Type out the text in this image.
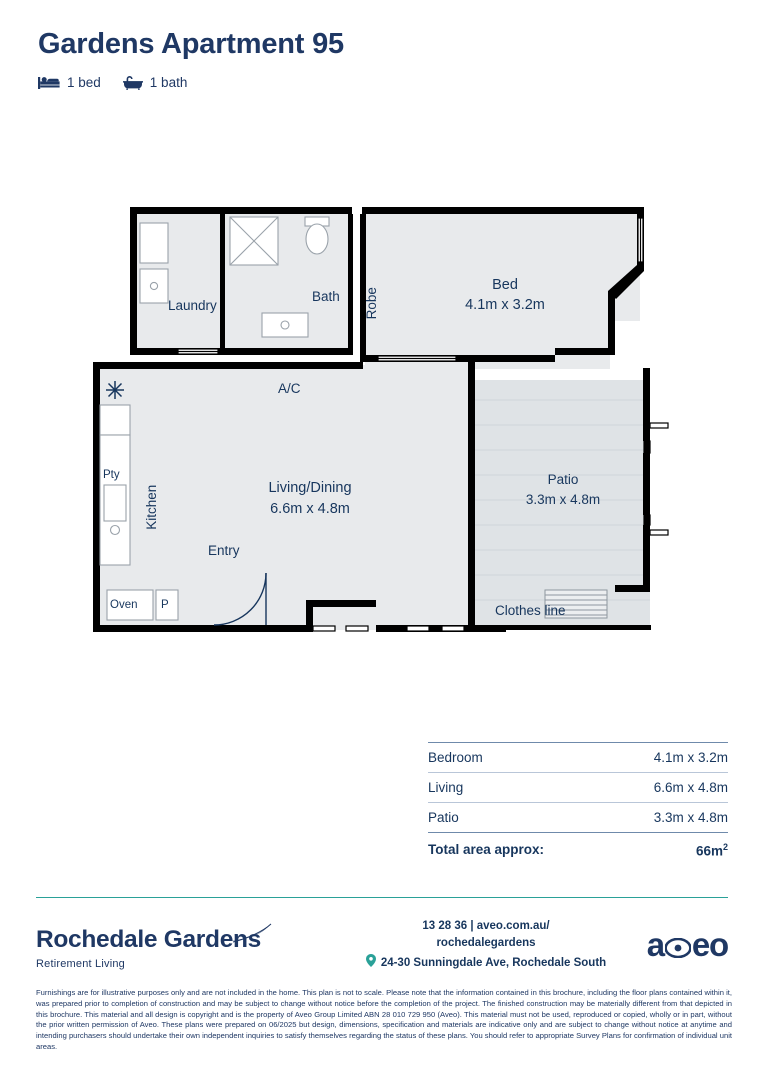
Gardens Apartment 95
1 bed	1 bath
Laundry
Bath Robe
Bed
4.1m x 3.2m
A/C
Pty
Kitchen	Living/Dining
6.6m x 4.8m
Entry
Oven P
Patio
3.3m x 4.8m
Clothes line
Bedroom	4.1m x 3.2m
Living	6.6m x 4.8m
Patio	3.3m x 4.8m
Total area approx:	$66m^2$
Rochedale Gardens
Retirement Living
13 28 36 | aveo.com.au/
rochedalegardens
24-30 Sunningdale Ave, Rochedale South a eo
Furnishings are for illustrative purposes only and are not included in the home. This plan is not to scale. Please note that the information contained in this brochure, including the floor plans contained within it, was prepared prior to completion of construction and may be subject to change without notice before the completion of the project. The finished construction may be materially different from that depicted in this brochure. This material and all design is copyright and is the property of Aveo Group Limited ABN 28 010 729 950 (Aveo). This material must not be used, reproduced or copied, wholly or in part, without the prior written permission of Aveo. These plans were prepared on 06/2025 but design, dimensions, specification and materials are indicative only and are subject to change without notice at anytime and intending purchasers should undertake their own independent inquiries to satisfy themselves regarding the status of these plans. You should refer to appropriate Survey Plans for confirmation of individual unit areas.
